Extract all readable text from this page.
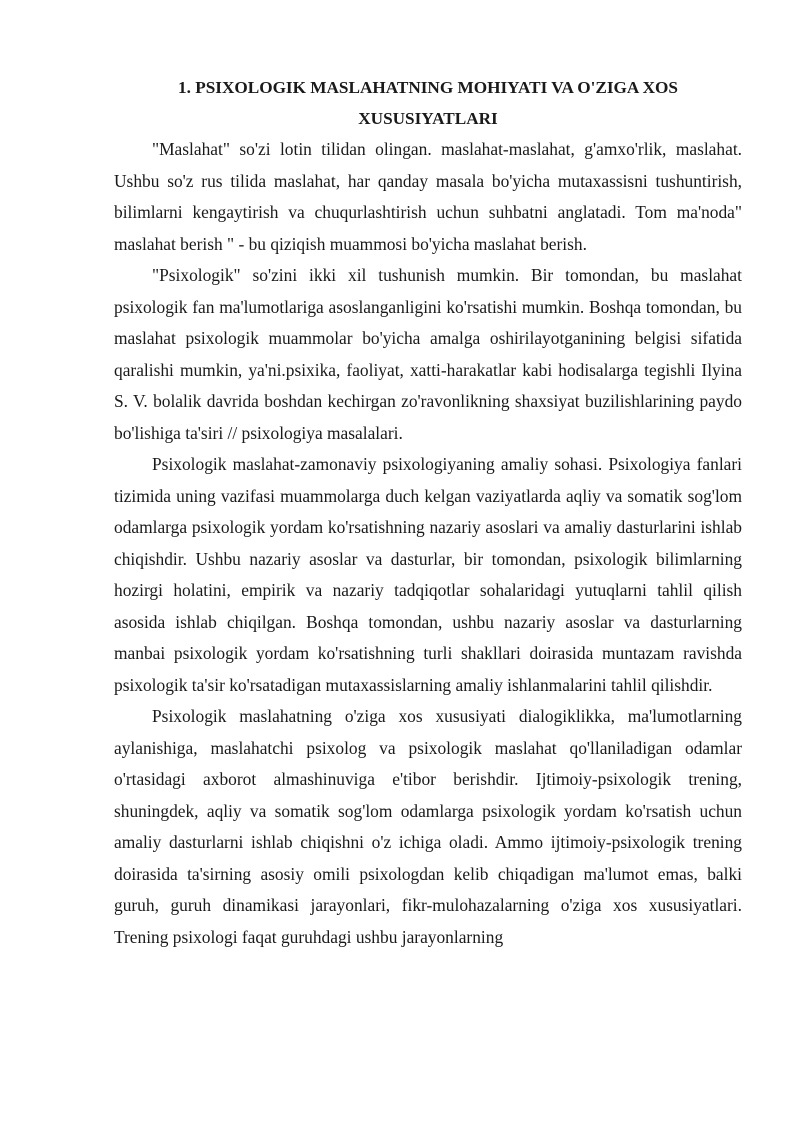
1. PSIXOLOGIK MASLAHATNING MOHIYATI VA O'ZIGA XOS XUSUSIYATLARI

"Maslahat" so'zi lotin tilidan olingan. maslahat-maslahat, g'amxo'rlik, maslahat. Ushbu so'z rus tilida maslahat, har qanday masala bo'yicha mutaxassisni tushuntirish, bilimlarni kengaytirish va chuqurlashtirish uchun suhbatni anglatadi. Tom ma'noda" maslahat berish " - bu qiziqish muammosi bo'yicha maslahat berish.

"Psixologik" so'zini ikki xil tushunish mumkin. Bir tomondan, bu maslahat psixologik fan ma'lumotlariga asoslanganligini ko'rsatishi mumkin. Boshqa tomondan, bu maslahat psixologik muammolar bo'yicha amalga oshirilayotganining belgisi sifatida qaralishi mumkin, ya'ni.psixika, faoliyat, xatti-harakatlar kabi hodisalarga tegishli Ilyina S. V. bolalik davrida boshdan kechirgan zo'ravonlikning shaxsiyat buzilishlarining paydo bo'lishiga ta'siri // psixologiya masalalari.

Psixologik maslahat-zamonaviy psixologiyaning amaliy sohasi. Psixologiya fanlari tizimida uning vazifasi muammolarga duch kelgan vaziyatlarda aqliy va somatik sog'lom odamlarga psixologik yordam ko'rsatishning nazariy asoslari va amaliy dasturlarini ishlab chiqishdir. Ushbu nazariy asoslar va dasturlar, bir tomondan, psixologik bilimlarning hozirgi holatini, empirik va nazariy tadqiqotlar sohalaridagi yutuqlarni tahlil qilish asosida ishlab chiqilgan. Boshqa tomondan, ushbu nazariy asoslar va dasturlarning manbai psixologik yordam ko'rsatishning turli shakllari doirasida muntazam ravishda psixologik ta'sir ko'rsatadigan mutaxassislarning amaliy ishlanmalarini tahlil qilishdir.

Psixologik maslahatning o'ziga xos xususiyati dialogiklikka, ma'lumotlarning aylanishiga, maslahatchi psixolog va psixologik maslahat qo'llaniladigan odamlar o'rtasidagi axborot almashinuviga e'tibor berishdir. Ijtimoiy-psixologik trening, shuningdek, aqliy va somatik sog'lom odamlarga psixologik yordam ko'rsatish uchun amaliy dasturlarni ishlab chiqishni o'z ichiga oladi. Ammo ijtimoiy-psixologik trening doirasida ta'sirning asosiy omili psixologdan kelib chiqadigan ma'lumot emas, balki guruh, guruh dinamikasi jarayonlari, fikr-mulohazalarning o'ziga xos xususiyatlari. Trening psixologi faqat guruhdagi ushbu jarayonlarning
